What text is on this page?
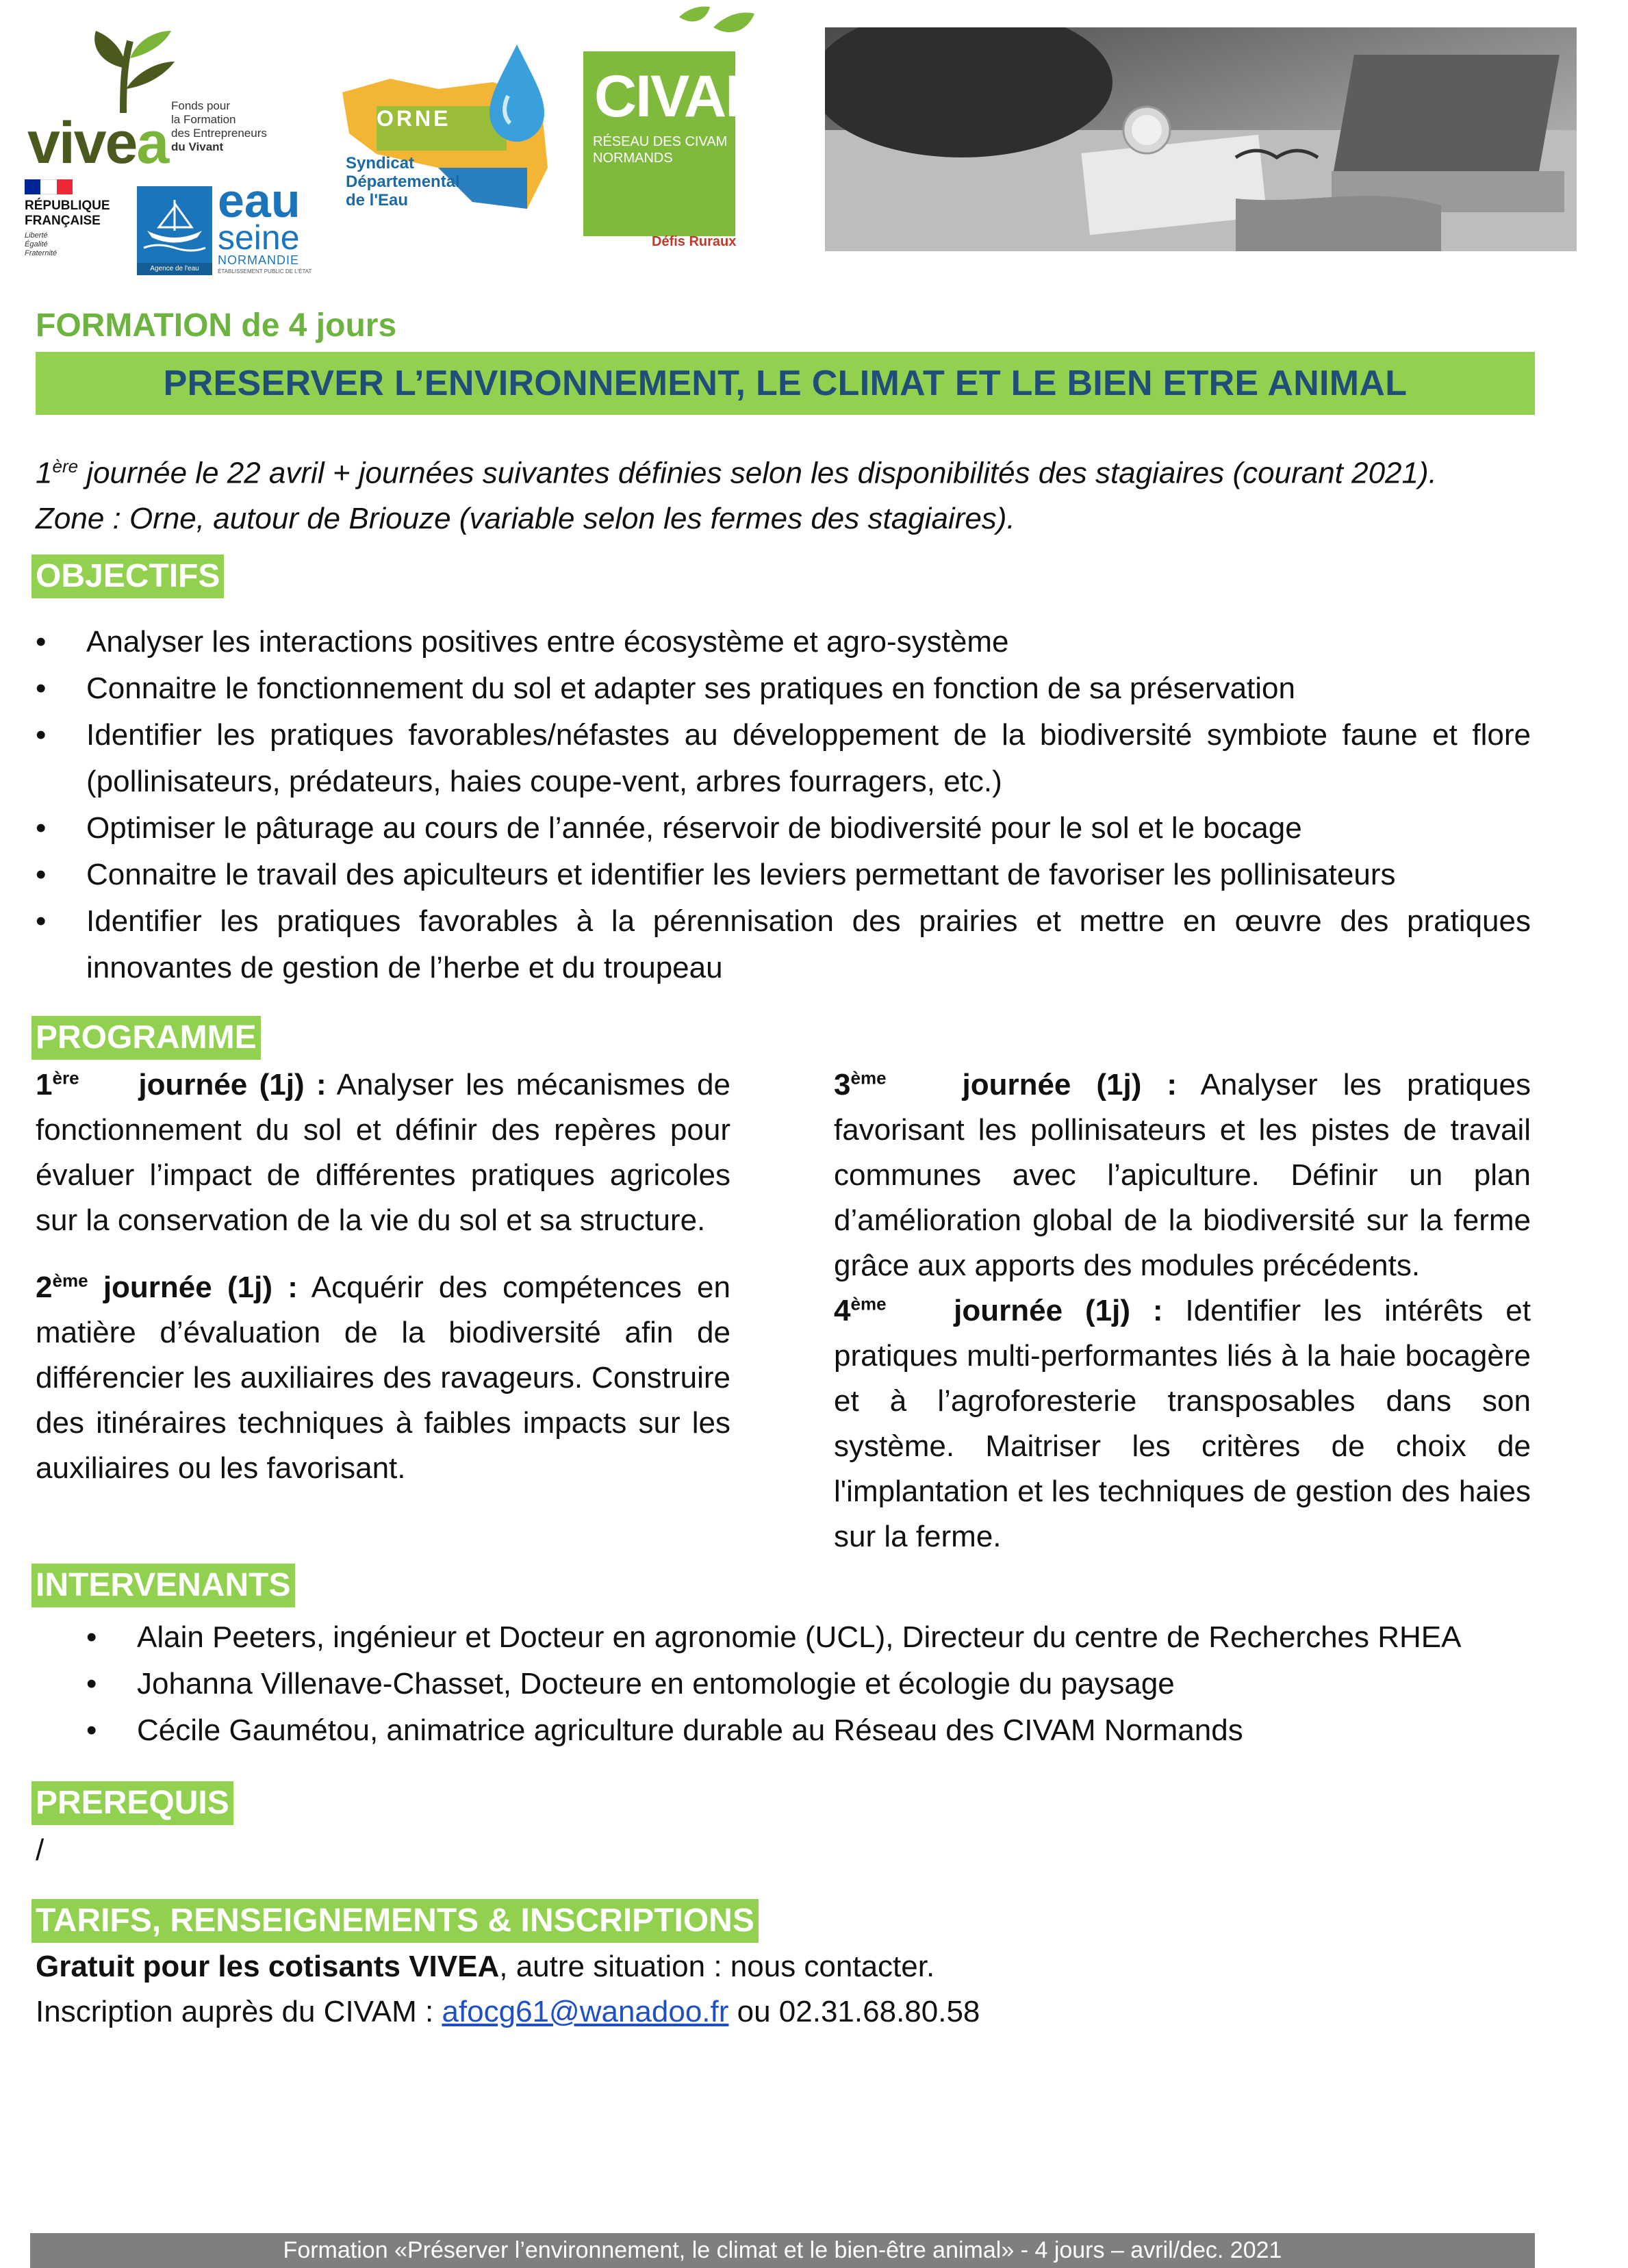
vivea
Fonds pour
la Formation
des Entrepreneurs
du Vivant
RÉPUBLIQUE
FRANÇAISE
Liberté
Égalité
Fraternité
Agence de l'eau
eau
seine
NORMANDIE
ÉTABLISSEMENT PUBLIC DE L'ÉTAT
ORNE
Syndicat
Départemental
de l'Eau
CIVAM
RÉSEAU DES CIVAM
NORMANDS
Défis Ruraux
FORMATION de 4 jours
PRESERVER L’ENVIRONNEMENT, LE CLIMAT ET LE BIEN ETRE ANIMAL
1ère journée le 22 avril + journées suivantes définies selon les disponibilités des stagiaires (courant 2021).
Zone : Orne, autour de Briouze (variable selon les fermes des stagiaires).
OBJECTIFS
• Analyser les interactions positives entre écosystème et agro-système
• Connaitre le fonctionnement du sol et adapter ses pratiques en fonction de sa préservation
• Identifier les pratiques favorables/néfastes au développement de la biodiversité symbiote faune et flore (pollinisateurs, prédateurs, haies coupe-vent, arbres fourragers, etc.)
• Optimiser le pâturage au cours de l’année, réservoir de biodiversité pour le sol et le bocage
• Connaitre le travail des apiculteurs et identifier les leviers permettant de favoriser les pollinisateurs
• Identifier les pratiques favorables à la pérennisation des prairies et mettre en œuvre des pratiques innovantes de gestion de l’herbe et du troupeau
PROGRAMME
1ère journée (1j) : Analyser les mécanismes de fonctionnement du sol et définir des repères pour évaluer l’impact de différentes pratiques agricoles sur la conservation de la vie du sol et sa structure.
2ème journée (1j) : Acquérir des compétences en matière d’évaluation de la biodiversité afin de différencier les auxiliaires des ravageurs. Construire des itinéraires techniques à faibles impacts sur les auxiliaires ou les favorisant.
3ème	journée (1j) : Analyser les pratiques favorisant les pollinisateurs et les pistes de travail communes avec l’apiculture. Définir un plan d’amélioration global de la biodiversité sur la ferme grâce aux apports des modules précédents.
4ème journée (1j) : Identifier les intérêts et pratiques multi-performantes liés à la haie bocagère et à l’agroforesterie transposables dans son système. Maitriser les critères de choix de l'implantation et les techniques de gestion des haies sur la ferme.
INTERVENANTS
• Alain Peeters, ingénieur et Docteur en agronomie (UCL), Directeur du centre de Recherches RHEA
• Johanna Villenave-Chasset, Docteure en entomologie et écologie du paysage
• Cécile Gaumétou, animatrice agriculture durable au Réseau des CIVAM Normands
PREREQUIS
/
TARIFS, RENSEIGNEMENTS & INSCRIPTIONS
Gratuit pour les cotisants VIVEA, autre situation : nous contacter.
Inscription auprès du CIVAM : afocg61@wanadoo.fr ou 02.31.68.80.58
Formation «Préserver l’environnement, le climat et le bien-être animal» - 4 jours – avril/dec. 2021
